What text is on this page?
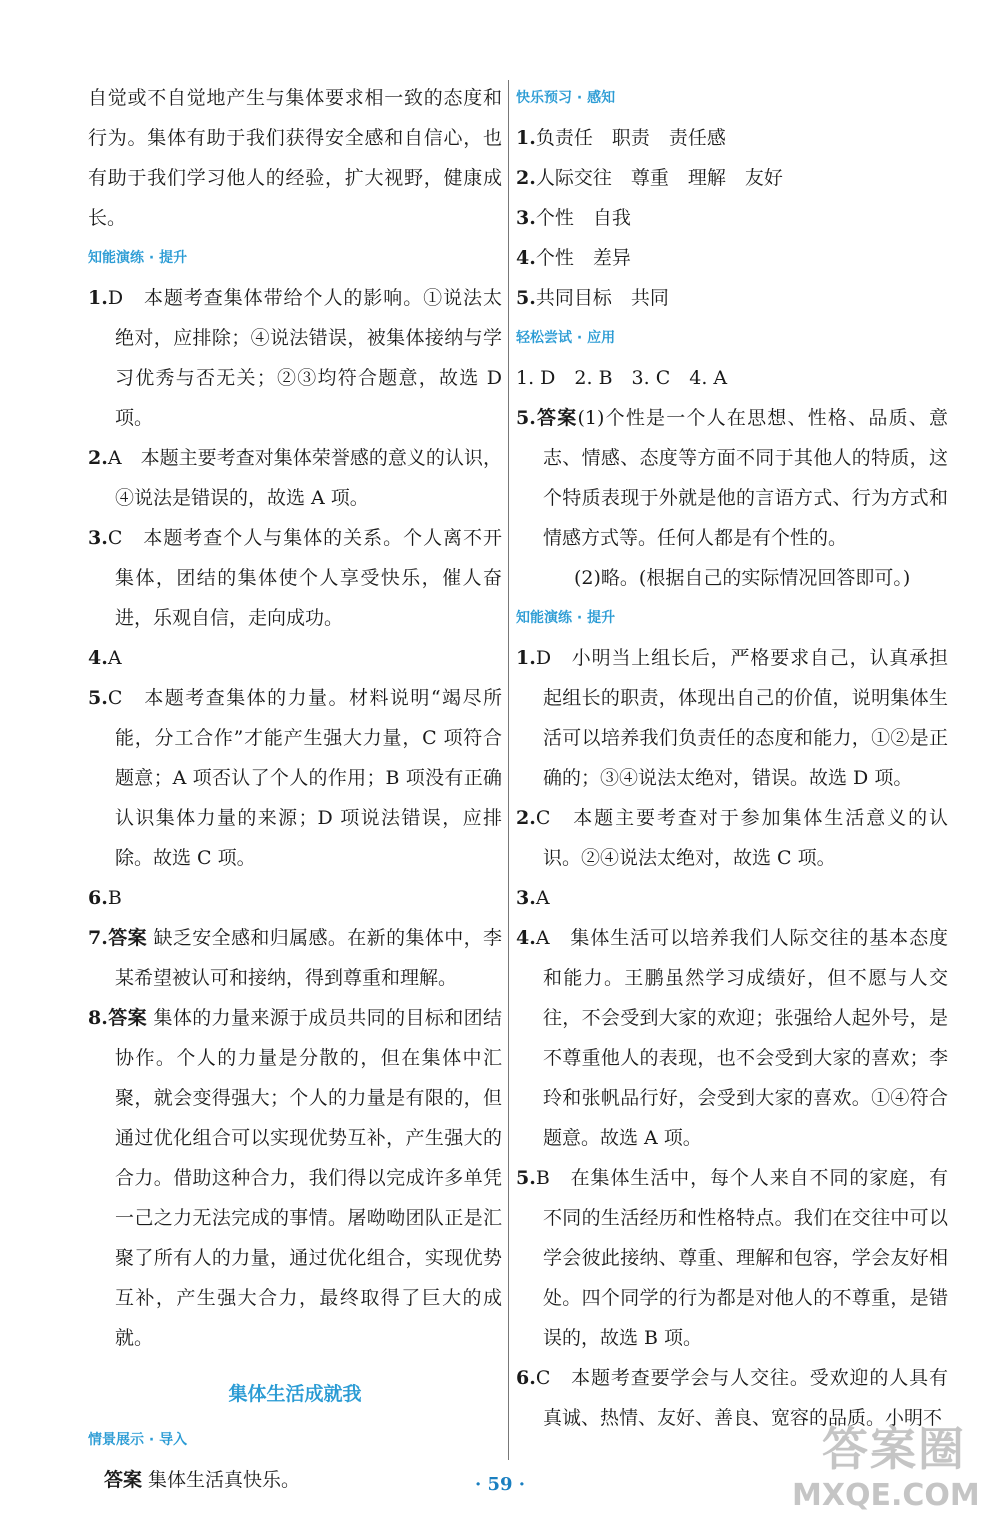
自觉或不自觉地产生与集体要求相一致的态度和行为。集体有助于我们获得安全感和自信心，也有助于我们学习他人的经验，扩大视野，健康成长。

知能演练 · 提升

1.D　本题考查集体带给个人的影响。①说法太绝对，应排除；④说法错误，被集体接纳与学习优秀与否无关；②③均符合题意，故选 D 项。

2.A　本题主要考查对集体荣誉感的意义的认识，④说法是错误的，故选 A 项。

3.C　本题考查个人与集体的关系。个人离不开集体，团结的集体使个人享受快乐，催人奋进，乐观自信，走向成功。

4.A

5.C　本题考查集体的力量。材料说明“竭尽所能，分工合作”才能产生强大力量，C 项符合题意；A 项否认了个人的作用；B 项没有正确认识集体力量的来源；D 项说法错误，应排除。故选 C 项。

6.B

7.答案 缺乏安全感和归属感。在新的集体中，李某希望被认可和接纳，得到尊重和理解。

8.答案 集体的力量来源于成员共同的目标和团结协作。个人的力量是分散的，但在集体中汇聚，就会变得强大；个人的力量是有限的，但通过优化组合可以实现优势互补，产生强大的合力。借助这种合力，我们得以完成许多单凭一己之力无法完成的事情。屠呦呦团队正是汇聚了所有人的力量，通过优化组合，实现优势互补，产生强大合力，最终取得了巨大的成就。

集体生活成就我

情景展示 · 导入

答案 集体生活真快乐。

快乐预习 · 感知

1.负责任　职责　责任感

2.人际交往　尊重　理解　友好

3.个性　自我

4.个性　差异

5.共同目标　共同

轻松尝试 · 应用

1. D　2. B　3. C　4. A

5.答案(1)个性是一个人在思想、性格、品质、意志、情感、态度等方面不同于其他人的特质，这个特质表现于外就是他的言语方式、行为方式和情感方式等。任何人都是有个性的。

(2)略。(根据自己的实际情况回答即可。)

知能演练 · 提升

1.D　小明当上组长后，严格要求自己，认真承担起组长的职责，体现出自己的价值，说明集体生活可以培养我们负责任的态度和能力，①②是正确的；③④说法太绝对，错误。故选 D 项。

2.C　本题主要考查对于参加集体生活意义的认识。②④说法太绝对，故选 C 项。

3.A

4.A　集体生活可以培养我们人际交往的基本态度和能力。王鹏虽然学习成绩好，但不愿与人交往，不会受到大家的欢迎；张强给人起外号，是不尊重他人的表现，也不会受到大家的喜欢；李玲和张帆品行好，会受到大家的喜欢。①④符合题意。故选 A 项。

5.B　在集体生活中，每个人来自不同的家庭，有不同的生活经历和性格特点。我们在交往中可以学会彼此接纳、尊重、理解和包容，学会友好相处。四个同学的行为都是对他人的不尊重，是错误的，故选 B 项。

6.C　本题考查要学会与人交往。受欢迎的人具有真诚、热情、友好、善良、宽容的品质。小明不

· 59 ·
答案圈
MXQE.COM
